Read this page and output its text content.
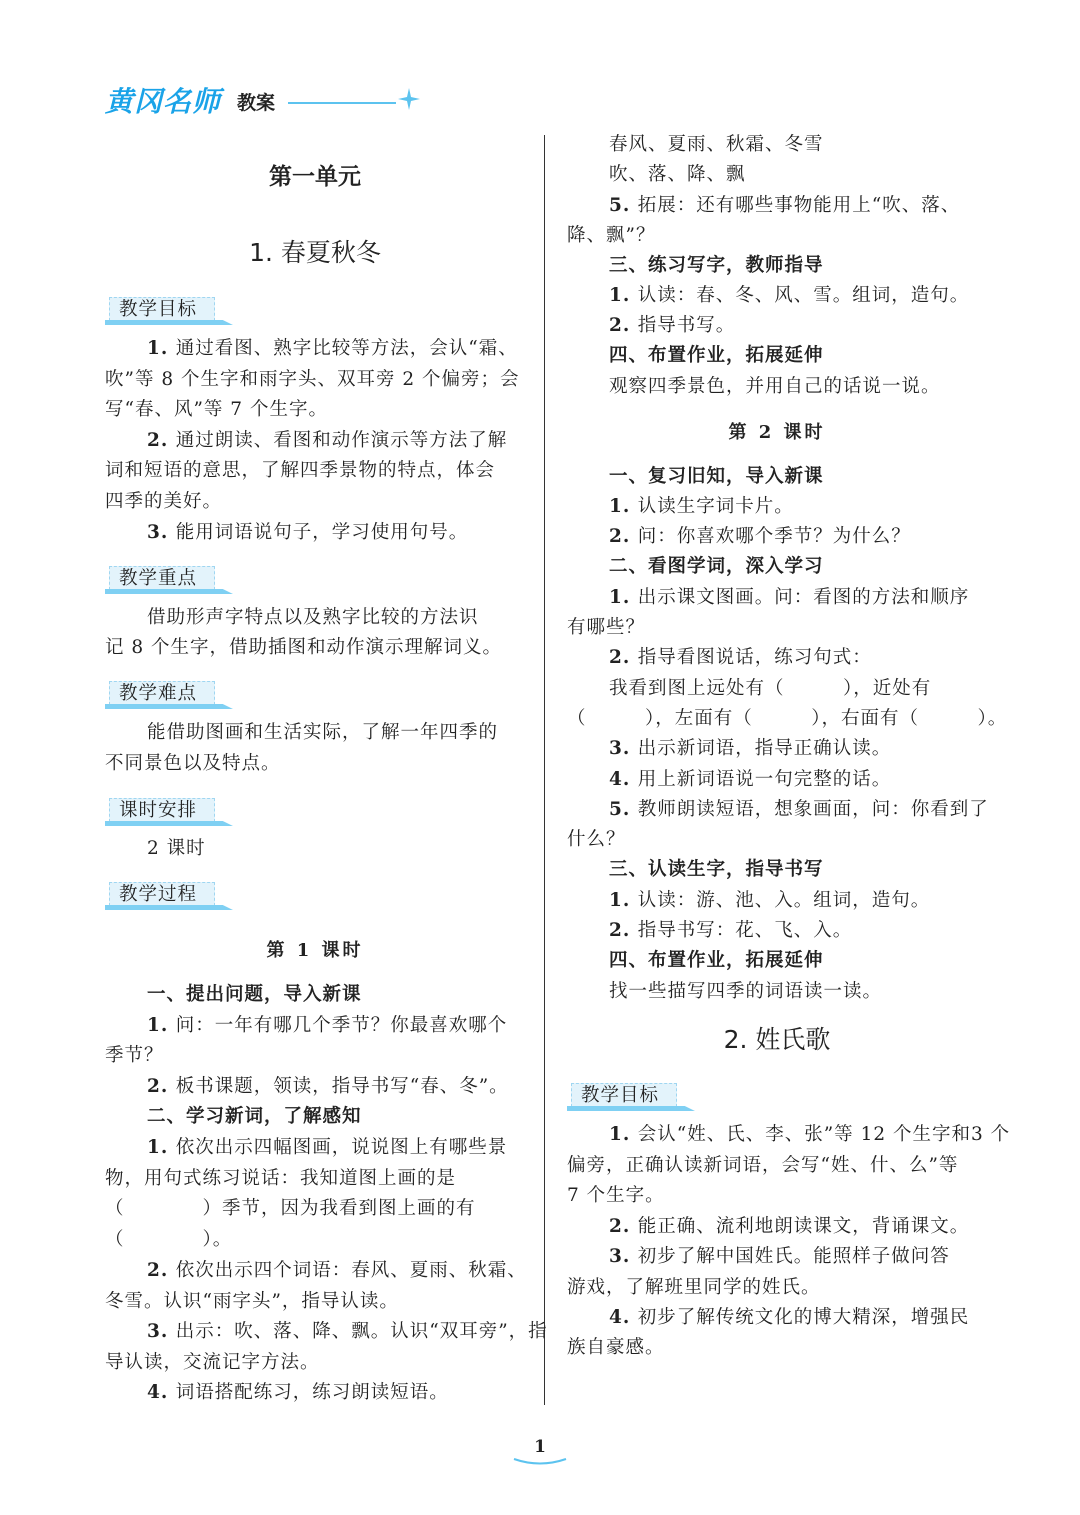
黄冈名师 教案
第一单元
1. 春夏秋冬
教学目标
1. 通过看图、熟字比较等方法，会认“霜、
吹”等 8 个生字和雨字头、双耳旁 2 个偏旁；会
写“春、风”等 7 个生字。
2. 通过朗读、看图和动作演示等方法了解
词和短语的意思，了解四季景物的特点，体会
四季的美好。
3. 能用词语说句子，学习使用句号。
教学重点
借助形声字特点以及熟字比较的方法识
记 8 个生字，借助插图和动作演示理解词义。
教学难点
能借助图画和生活实际，了解一年四季的
不同景色以及特点。
课时安排
2 课时
教学过程
第 1 课时
一、提出问题，导入新课
1. 问：一年有哪几个季节？你最喜欢哪个
季节？
2. 板书课题，领读，指导书写“春、冬”。
二、学习新词，了解感知
1. 依次出示四幅图画，说说图上有哪些景
物，用句式练习说话：我知道图上画的是
（　　　　）季节，因为我看到图上画的有
（　　　　）。
2. 依次出示四个词语：春风、夏雨、秋霜、
冬雪。认识“雨字头”，指导认读。
3. 出示：吹、落、降、飘。认识“双耳旁”，指
导认读，交流记字方法。
4. 词语搭配练习，练习朗读短语。
春风、夏雨、秋霜、冬雪
吹、落、降、飘
5. 拓展：还有哪些事物能用上“吹、落、
降、飘”？
三、练习写字，教师指导
1. 认读：春、冬、风、雪。组词，造句。
2. 指导书写。
四、布置作业，拓展延伸
观察四季景色，并用自己的话说一说。
第 2 课时
一、复习旧知，导入新课
1. 认读生字词卡片。
2. 问：你喜欢哪个季节？为什么？
二、看图学词，深入学习
1. 出示课文图画。问：看图的方法和顺序
有哪些？
2. 指导看图说话，练习句式：
我看到图上远处有（　　　），近处有
（　　　），左面有（　　　），右面有（　　　）。
3. 出示新词语，指导正确认读。
4. 用上新词语说一句完整的话。
5. 教师朗读短语，想象画面，问：你看到了
什么？
三、认读生字，指导书写
1. 认读：游、池、入。组词，造句。
2. 指导书写：花、飞、入。
四、布置作业，拓展延伸
找一些描写四季的词语读一读。
2. 姓氏歌
教学目标
1. 会认“姓、氏、李、张”等 12 个生字和3 个
偏旁，正确认读新词语，会写“姓、什、么”等
7 个生字。
2. 能正确、流利地朗读课文，背诵课文。
3. 初步了解中国姓氏。能照样子做问答
游戏，了解班里同学的姓氏。
4. 初步了解传统文化的博大精深，增强民
族自豪感。
1
